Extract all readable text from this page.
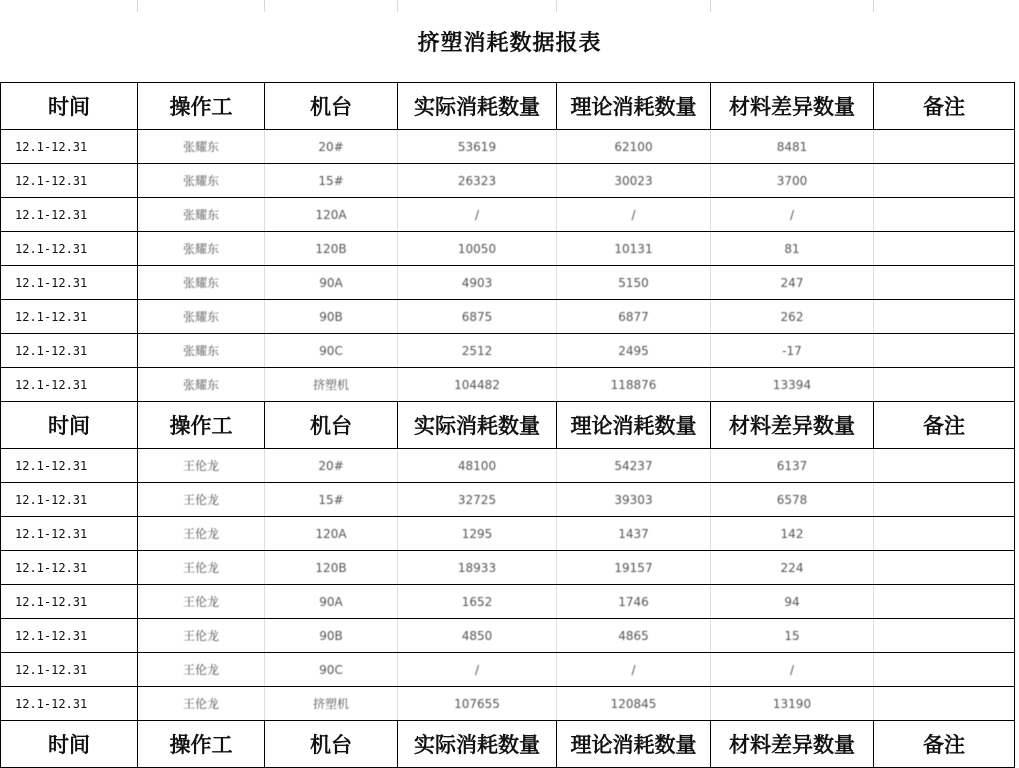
挤塑消耗数据报表
时间	操作工	机台	实际消耗数量	理论消耗数量	材料差异数量	备注
12.1-12.31	张耀东	20#	53619	62100	8481	
12.1-12.31	张耀东	15#	26323	30023	3700	
12.1-12.31	张耀东	120A	/	/	/	
12.1-12.31	张耀东	120B	10050	10131	81	
12.1-12.31	张耀东	90A	4903	5150	247	
12.1-12.31	张耀东	90B	6875	6877	262	
12.1-12.31	张耀东	90C	2512	2495	-17	
12.1-12.31	张耀东	挤塑机	104482	118876	13394	
时间	操作工	机台	实际消耗数量	理论消耗数量	材料差异数量	备注
12.1-12.31	王伦龙	20#	48100	54237	6137	
12.1-12.31	王伦龙	15#	32725	39303	6578	
12.1-12.31	王伦龙	120A	1295	1437	142	
12.1-12.31	王伦龙	120B	18933	19157	224	
12.1-12.31	王伦龙	90A	1652	1746	94	
12.1-12.31	王伦龙	90B	4850	4865	15	
12.1-12.31	王伦龙	90C	/	/	/	
12.1-12.31	王伦龙	挤塑机	107655	120845	13190	
时间	操作工	机台	实际消耗数量	理论消耗数量	材料差异数量	备注
